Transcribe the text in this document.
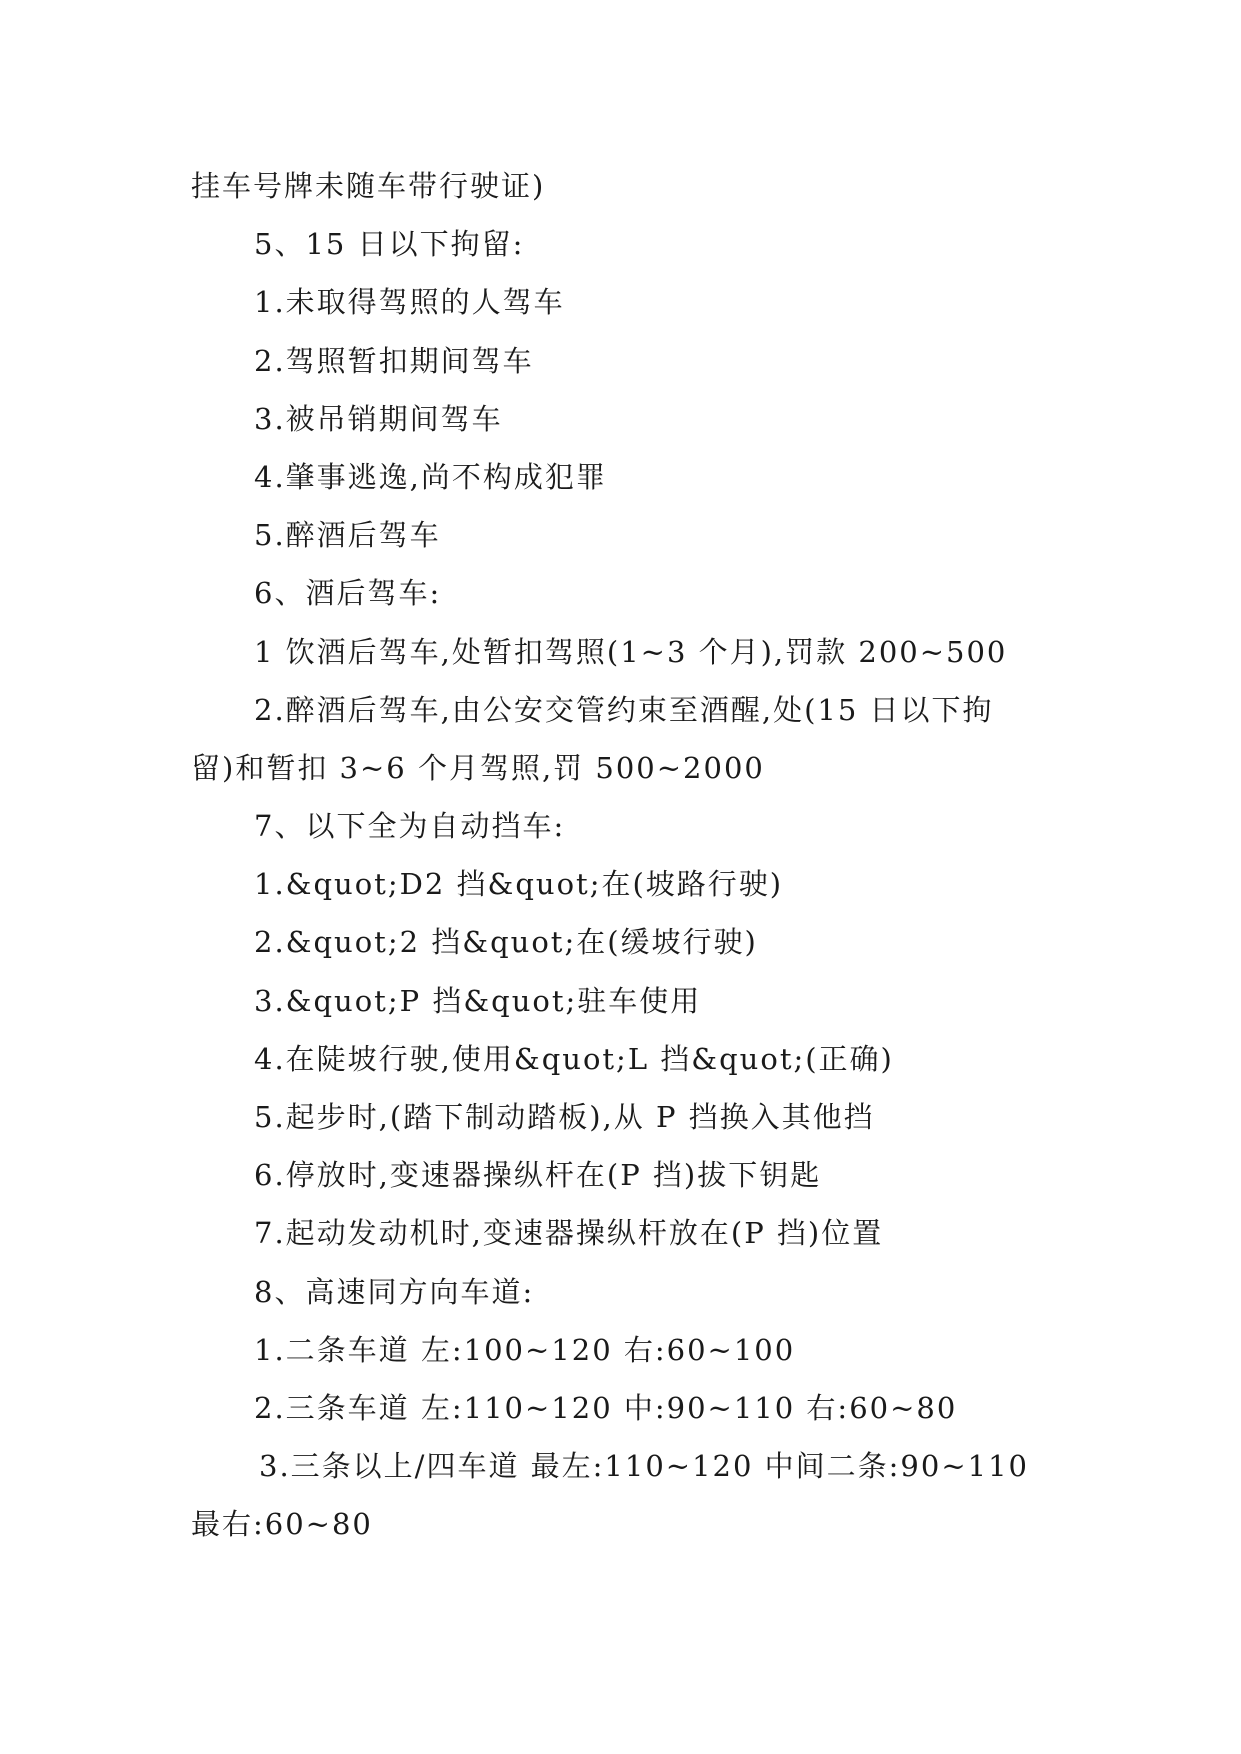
挂车号牌未随车带行驶证)
5、15 日以下拘留:
1.未取得驾照的人驾车
2.驾照暂扣期间驾车
3.被吊销期间驾车
4.肇事逃逸,尚不构成犯罪
5.醉酒后驾车
6、酒后驾车:
1 饮酒后驾车,处暂扣驾照(1~3 个月),罚款 200~500
2.醉酒后驾车,由公安交管约束至酒醒,处(15 日以下拘
留)和暂扣 3~6 个月驾照,罚 500~2000
7、以下全为自动挡车:
1.&quot;D2 挡&quot;在(坡路行驶)
2.&quot;2 挡&quot;在(缓坡行驶)
3.&quot;P 挡&quot;驻车使用
4.在陡坡行驶,使用&quot;L 挡&quot;(正确)
5.起步时,(踏下制动踏板),从 P 挡换入其他挡
6.停放时,变速器操纵杆在(P 挡)拔下钥匙
7.起动发动机时,变速器操纵杆放在(P 挡)位置
8、高速同方向车道:
1.二条车道 左:100~120 右:60~100
2.三条车道 左:110~120 中:90~110 右:60~80
3.三条以上/四车道 最左:110~120 中间二条:90~110
最右:60~80
